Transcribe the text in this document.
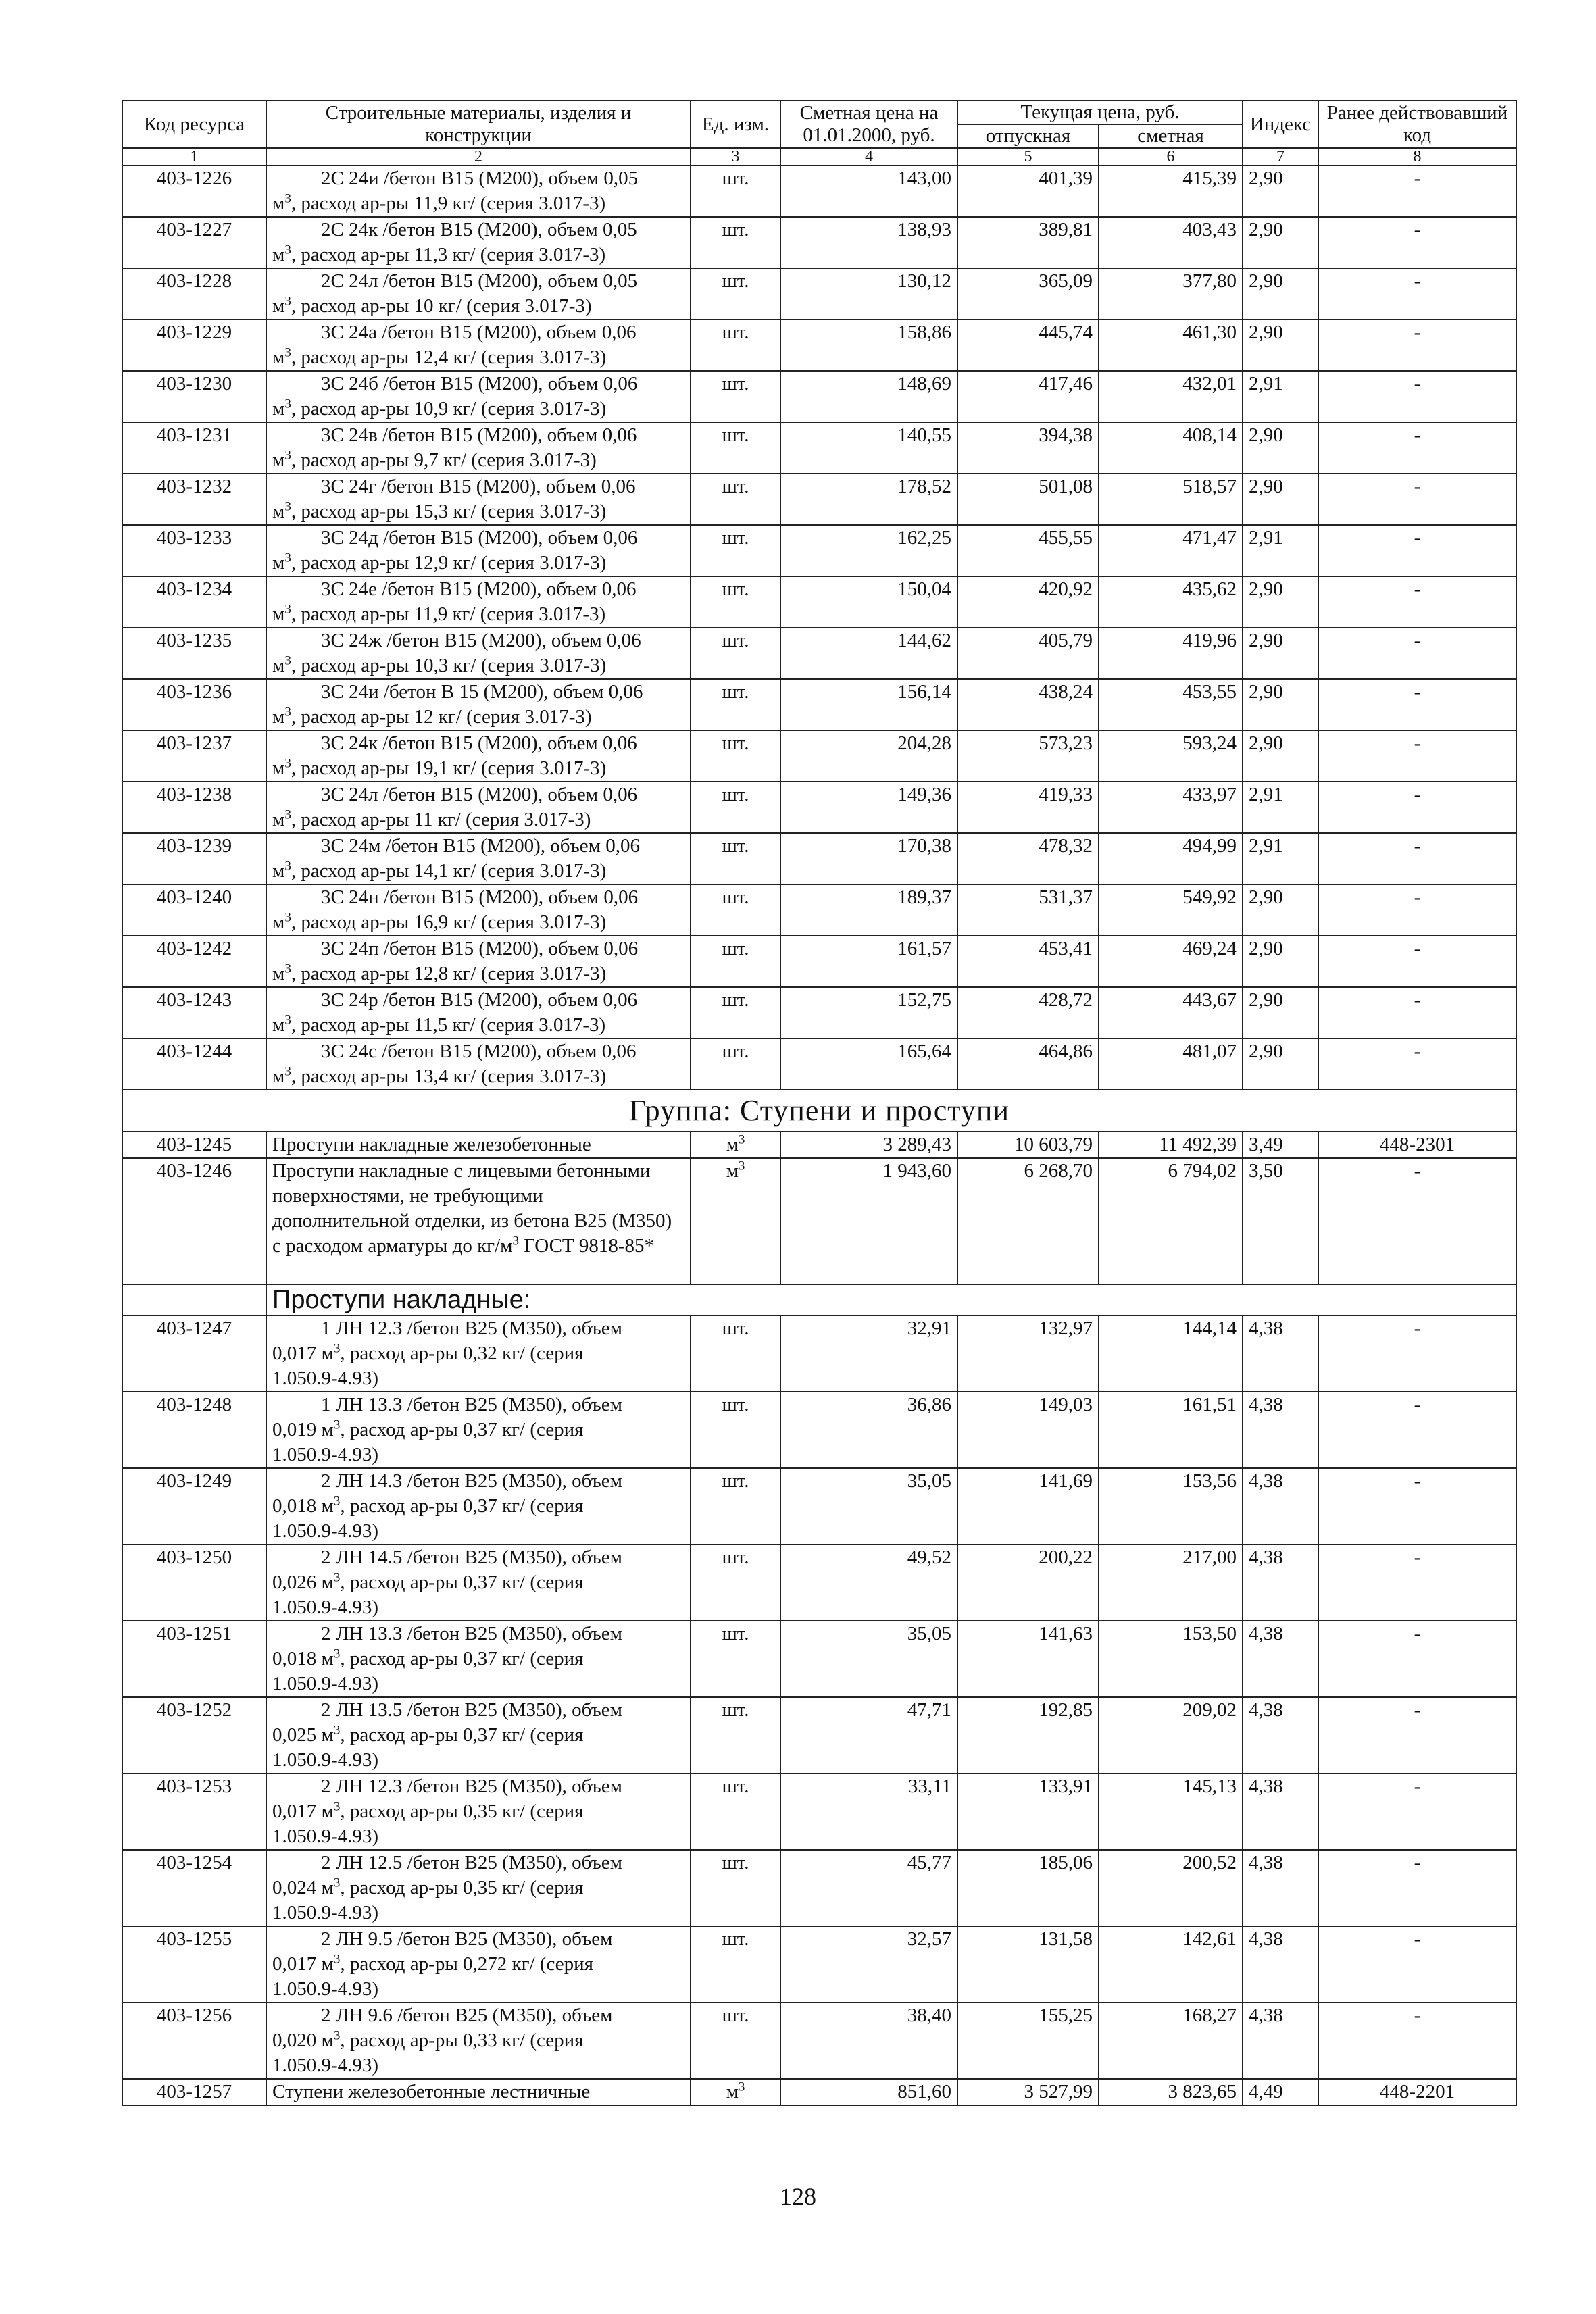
Код ресурса	Строительные материалы, изделия и конструкции	Ед. изм.	Сметная цена на 01.01.2000, руб.	Текущая цена, руб.		Индекс	Ранее действовавший код
				отпускная	сметная		
1	2	3	4	5	6	7	8
403-1226	2С 24и /бетон В15 (М200), объем 0,05
$м^3$, расход ар-ры 11,9 кг/ (серия 3.017-3)	шт.	143,00	401,39	415,39	2,90	-
403-1227	2С 24к /бетон В15 (М200), объем 0,05
$м^3$, расход ар-ры 11,3 кг/ (серия 3.017-3)	шт.	138,93	389,81	403,43	2,90	-
403-1228	2С 24л /бетон В15 (М200), объем 0,05
$м^3$, расход ар-ры 10 кг/ (серия 3.017-3)	шт.	130,12	365,09	377,80	2,90	-
403-1229	3С 24а /бетон В15 (М200), объем 0,06
$м^3$, расход ар-ры 12,4 кг/ (серия 3.017-3)	шт.	158,86	445,74	461,30	2,90	-
403-1230	3С 24б /бетон В15 (М200), объем 0,06
$м^3$, расход ар-ры 10,9 кг/ (серия 3.017-3)	шт.	148,69	417,46	432,01	2,91	-
403-1231	3С 24в /бетон В15 (М200), объем 0,06
$м^3$, расход ар-ры 9,7 кг/ (серия 3.017-3)	шт.	140,55	394,38	408,14	2,90	-
403-1232	3С 24г /бетон В15 (М200), объем 0,06
$м^3$, расход ар-ры 15,3 кг/ (серия 3.017-3)	шт.	178,52	501,08	518,57	2,90	-
403-1233	3С 24д /бетон В15 (М200), объем 0,06
$м^3$, расход ар-ры 12,9 кг/ (серия 3.017-3)	шт.	162,25	455,55	471,47	2,91	-
403-1234	3С 24е /бетон В15 (М200), объем 0,06
$м^3$, расход ар-ры 11,9 кг/ (серия 3.017-3)	шт.	150,04	420,92	435,62	2,90	-
403-1235	3С 24ж /бетон В15 (М200), объем 0,06
$м^3$, расход ар-ры 10,3 кг/ (серия 3.017-3)	шт.	144,62	405,79	419,96	2,90	-
403-1236	3С 24и /бетон В 15 (М200), объем 0,06
$м^3$, расход ар-ры 12 кг/ (серия 3.017-3)	шт.	156,14	438,24	453,55	2,90	-
403-1237	3С 24к /бетон В15 (М200), объем 0,06
$м^3$, расход ар-ры 19,1 кг/ (серия 3.017-3)	шт.	204,28	573,23	593,24	2,90	-
403-1238	3С 24л /бетон В15 (М200), объем 0,06
$м^3$, расход ар-ры 11 кг/ (серия 3.017-3)	шт.	149,36	419,33	433,97	2,91	-
403-1239	3С 24м /бетон В15 (М200), объем 0,06
$м^3$, расход ар-ры 14,1 кг/ (серия 3.017-3)	шт.	170,38	478,32	494,99	2,91	-
403-1240	3С 24н /бетон В15 (М200), объем 0,06
$м^3$, расход ар-ры 16,9 кг/ (серия 3.017-3)	шт.	189,37	531,37	549,92	2,90	-
403-1242	3С 24п /бетон В15 (М200), объем 0,06
$м^3$, расход ар-ры 12,8 кг/ (серия 3.017-3)	шт.	161,57	453,41	469,24	2,90	-
403-1243	3С 24р /бетон В15 (М200), объем 0,06
$м^3$, расход ар-ры 11,5 кг/ (серия 3.017-3)	шт.	152,75	428,72	443,67	2,90	-
403-1244	3С 24с /бетон В15 (М200), объем 0,06
$м^3$, расход ар-ры 13,4 кг/ (серия 3.017-3)	шт.	165,64	464,86	481,07	2,90	-
Группа: Ступени и проступи							
403-1245	Проступи накладные железобетонные	$м^3$	3 289,43	10 603,79	11 492,39	3,49	448-2301
403-1246	Проступи накладные с лицевыми бетонными поверхностями, не требующими дополнительной отделки, из бетона В25 (М350) с расходом арматуры до $кг/м^3$ ГОСТ 9818-85*	$м^3$	1 943,60	6 268,70	6 794,02	3,50	-
	Проступи накладные:						
403-1247	1 ЛН 12.3 /бетон В25 (М350), объем
0,017 $м^3$, расход ар-ры 0,32 кг/ (серия
1.050.9-4.93)	шт.	32,91	132,97	144,14	4,38	-
403-1248	1 ЛН 13.3 /бетон В25 (М350), объем
0,019 $м^3$, расход ар-ры 0,37 кг/ (серия
1.050.9-4.93)	шт.	36,86	149,03	161,51	4,38	-
403-1249	2 ЛН 14.3 /бетон В25 (М350), объем
0,018 $м^3$, расход ар-ры 0,37 кг/ (серия
1.050.9-4.93)	шт.	35,05	141,69	153,56	4,38	-
403-1250	2 ЛН 14.5 /бетон В25 (М350), объем
0,026 $м^3$, расход ар-ры 0,37 кг/ (серия
1.050.9-4.93)	шт.	49,52	200,22	217,00	4,38	-
403-1251	2 ЛН 13.3 /бетон В25 (М350), объем
0,018 $м^3$, расход ар-ры 0,37 кг/ (серия
1.050.9-4.93)	шт.	35,05	141,63	153,50	4,38	-
403-1252	2 ЛН 13.5 /бетон В25 (М350), объем
0,025 $м^3$, расход ар-ры 0,37 кг/ (серия
1.050.9-4.93)	шт.	47,71	192,85	209,02	4,38	-
403-1253	2 ЛН 12.3 /бетон В25 (М350), объем
0,017 $м^3$, расход ар-ры 0,35 кг/ (серия
1.050.9-4.93)	шт.	33,11	133,91	145,13	4,38	-
403-1254	2 ЛН 12.5 /бетон В25 (М350), объем
0,024 $м^3$, расход ар-ры 0,35 кг/ (серия
1.050.9-4.93)	шт.	45,77	185,06	200,52	4,38	-
403-1255	2 ЛН 9.5 /бетон В25 (М350), объем
0,017 $м^3$, расход ар-ры 0,272 кг/ (серия
1.050.9-4.93)	шт.	32,57	131,58	142,61	4,38	-
403-1256	2 ЛН 9.6 /бетон В25 (М350), объем
0,020 $м^3$, расход ар-ры 0,33 кг/ (серия
1.050.9-4.93)	шт.	38,40	155,25	168,27	4,38	-
403-1257	Ступени железобетонные лестничные	$м^3$	851,60	3 527,99	3 823,65	4,49	448-2201
128
